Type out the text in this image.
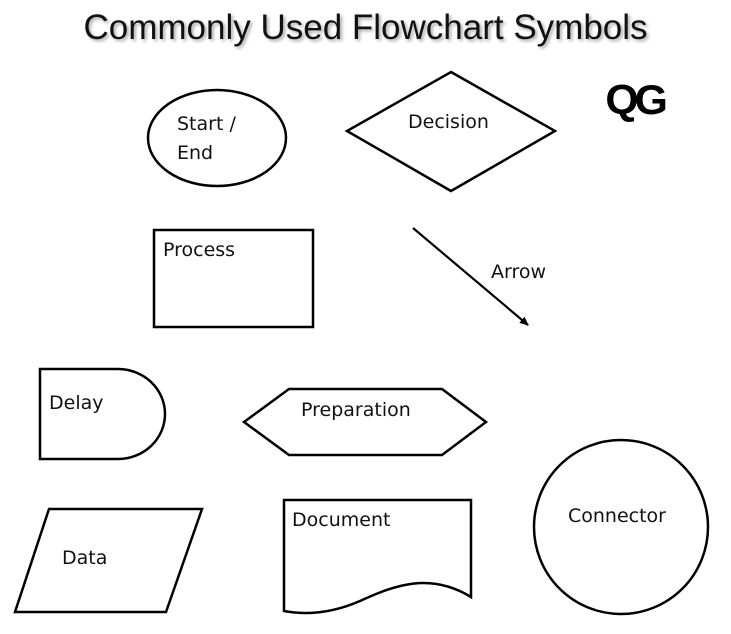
Commonly Used Flowchart Symbols
QG
Start /
End
Decision
Process
Arrow
Delay	Preparation
Data
Document	Connector
